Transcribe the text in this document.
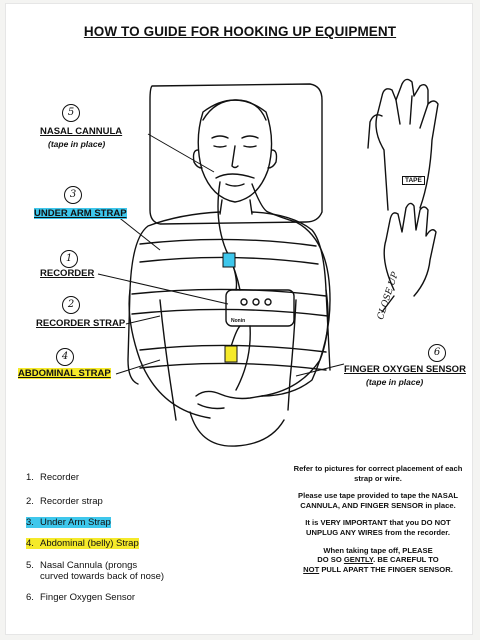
HOW TO GUIDE FOR HOOKING UP EQUIPMENT
TAPE
CLOSE UP
Nonin
5
NASAL CANNULA
(tape in place)
3
UNDER ARM STRAP
1
RECORDER
2
RECORDER STRAP
4
ABDOMINAL STRAP
6
FINGER OXYGEN SENSOR
(tape in place)
1. Recorder
2. Recorder strap
3. Under Arm Strap
4. Abdominal (belly) Strap
5. Nasal Cannula (prongs
curved towards back of nose)
6. Finger Oxygen Sensor

Refer to pictures for correct placement of each strap or wire.

Please use tape provided to tape the NASAL CANNULA, AND FINGER SENSOR in place.

It is VERY IMPORTANT that you DO NOT UNPLUG ANY WIRES from the recorder.

When taking tape off, PLEASE
DO SO GENTLY. BE CAREFUL TO
NOT PULL APART THE FINGER SENSOR.
